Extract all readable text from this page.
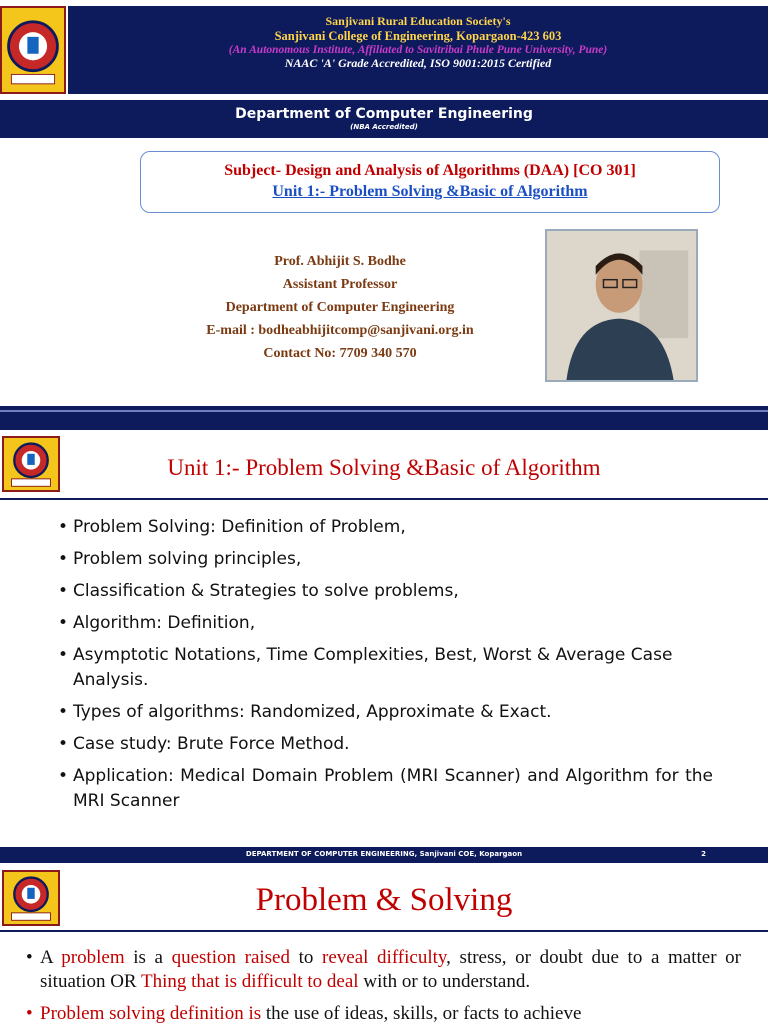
Sanjivani Rural Education Society's
Sanjivani College of Engineering, Kopargaon-423 603
(An Autonomous Institute, Affiliated to Savitribai Phule Pune University, Pune)
NAAC 'A' Grade Accredited, ISO 9001:2015 Certified
Department of Computer Engineering
(NBA Accredited)
Subject- Design and Analysis of Algorithms (DAA) [CO 301]
Unit 1:- Problem Solving &Basic of Algorithm
Prof. Abhijit S. Bodhe
Assistant Professor
Department of Computer Engineering
E-mail : bodheabhijitcomp@sanjivani.org.in
Contact No: 7709 340 570
Unit 1:- Problem Solving &Basic of Algorithm
• Problem Solving: Definition of Problem,
• Problem solving principles,
• Classification & Strategies to solve problems,
• Algorithm: Definition,
• Asymptotic Notations, Time Complexities, Best, Worst & Average Case Analysis.
• Types of algorithms: Randomized, Approximate & Exact.
• Case study: Brute Force Method.
• Application: Medical Domain Problem (MRI Scanner) and Algorithm for the MRI Scanner
DEPARTMENT OF COMPUTER ENGINEERING, Sanjivani COE, Kopargaon	2
Problem & Solving
• A problem is a question raised to reveal difficulty, stress, or doubt due to a matter or situation OR Thing that is difficult to deal with or to understand.
• Problem solving definition is the use of ideas, skills, or facts to achieve
